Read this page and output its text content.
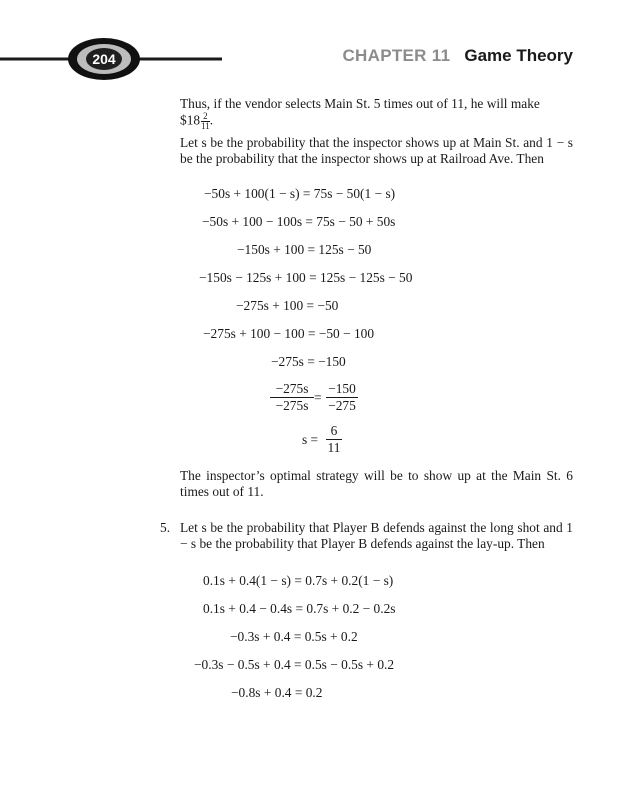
204	CHAPTER 11 Game Theory
Thus, if the vendor selects Main St. 5 times out of 11, he will make
$18 $\frac{2}{11}$ .
Let s be the probability that the inspector shows up at Main St. and 1 − s be the probability that the inspector shows up at Railroad Ave. Then
−50s + 100(1 − s) = 75s − 50(1 − s)
−50s + 100 − 100s = 75s − 50 + 50s
−150s + 100 = 125s − 50
−150s − 125s + 100 = 125s − 125s − 50
−275s + 100 = −50
−275s + 100 − 100 = −50 − 100
−275s = −150
$\frac{-275s}{-275s} = \frac{-150}{-275}$
$s = \frac{6}{11}$
The inspector’s optimal strategy will be to show up at the Main St. 6 times out of 11.
5. Let s be the probability that Player B defends against the long shot and 1 − s be the probability that Player B defends against the lay-up. Then
0.1s + 0.4(1 − s) = 0.7s + 0.2(1 − s)
0.1s + 0.4 − 0.4s = 0.7s + 0.2 − 0.2s
−0.3s + 0.4 = 0.5s + 0.2
−0.3s − 0.5s + 0.4 = 0.5s − 0.5s + 0.2
−0.8s + 0.4 = 0.2
